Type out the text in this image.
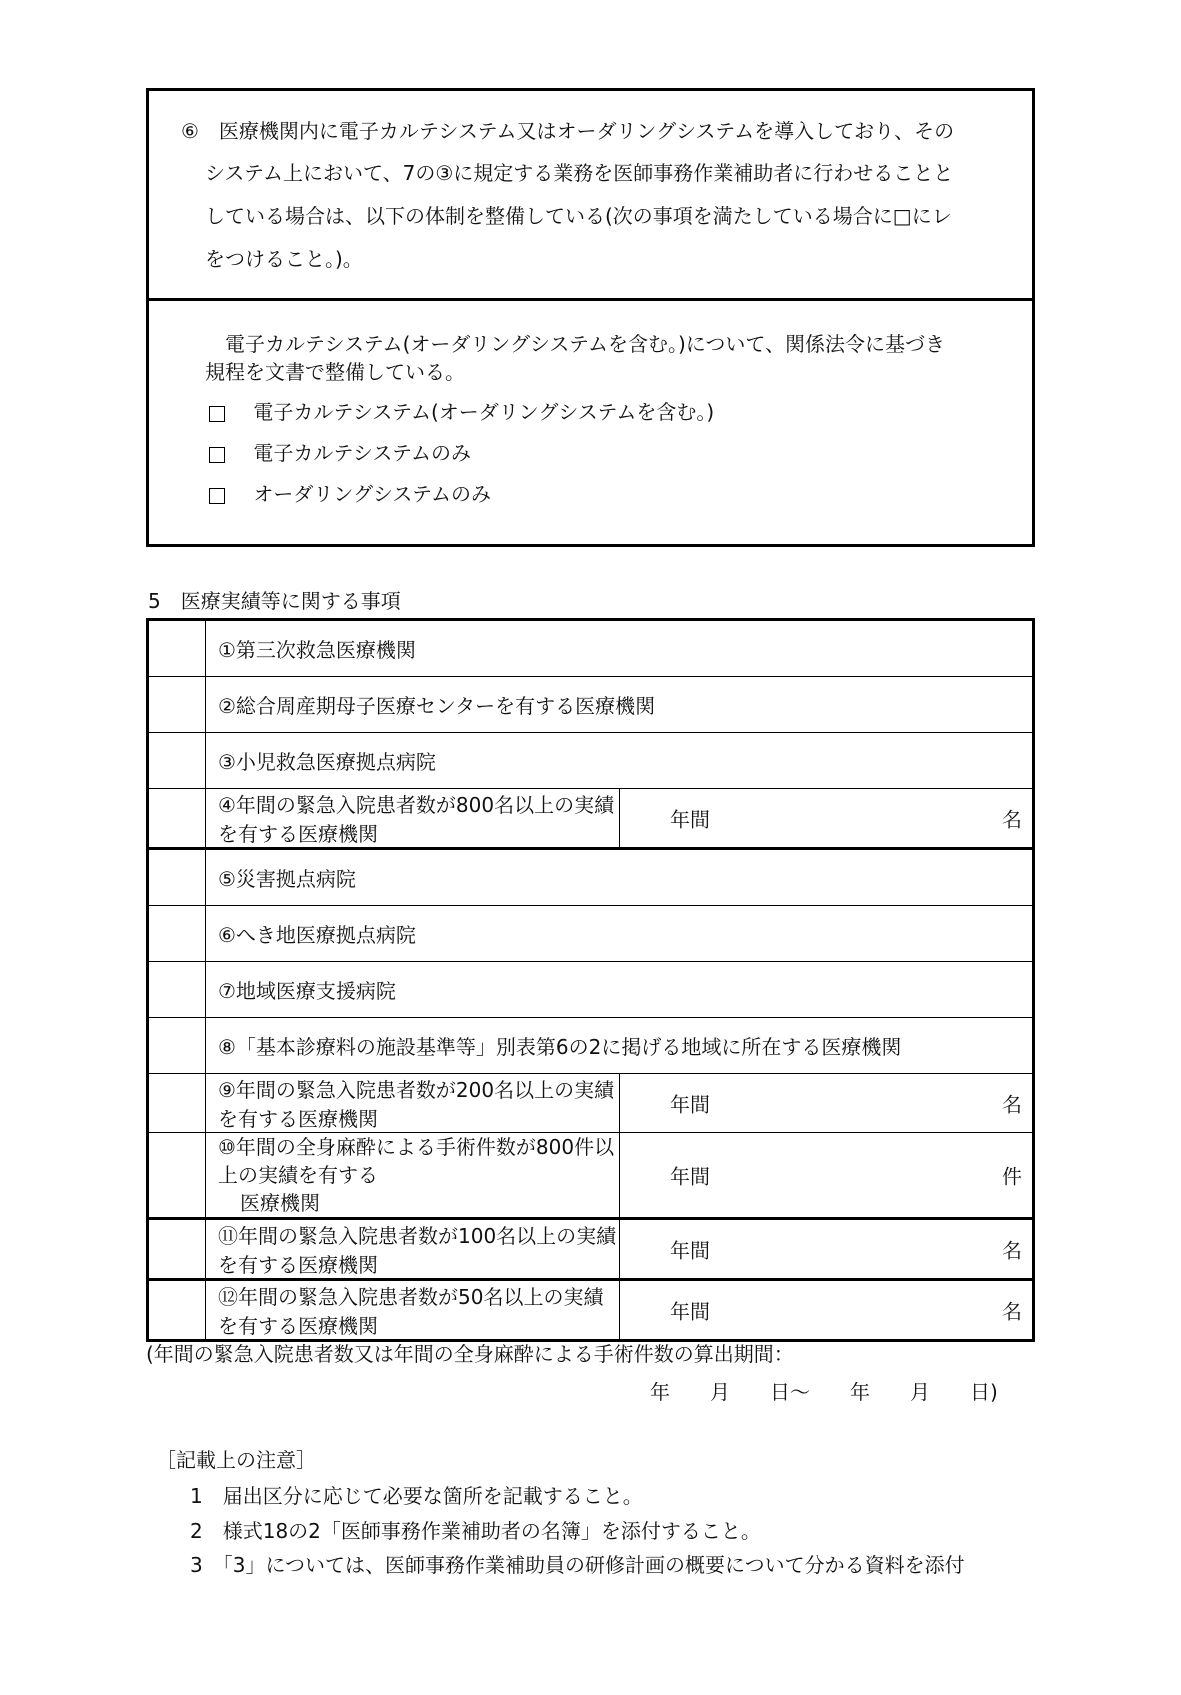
⑥　医療機関内に電子カルテシステム又はオーダリングシステムを導入しており、その
システム上において、7の③に規定する業務を医師事務作業補助者に行わせることと
している場合は、以下の体制を整備している(次の事項を満たしている場合に□にレ
をつけること。)。
電子カルテシステム(オーダリングシステムを含む。)について、関係法令に基づき
規程を文書で整備している。
電子カルテシステム(オーダリングシステムを含む。)
電子カルテシステムのみ
オーダリングシステムのみ
5　医療実績等に関する事項
	①第三次救急医療機関	
	②総合周産期母子医療センターを有する医療機関	
	③小児救急医療拠点病院	
	④年間の緊急入院患者数が800名以上の実績を有する医療機関	年間 名

	⑤災害拠点病院	
	⑥へき地医療拠点病院	
	⑦地域医療支援病院	
	⑧「基本診療料の施設基準等」別表第6の2に掲げる地域に所在する医療機関	
	⑨年間の緊急入院患者数が200名以上の実績を有する医療機関	年間 名

	⑩年間の全身麻酔による手術件数が800件以上の実績を有する
医療機関	年間 件

	⑪年間の緊急入院患者数が100名以上の実績を有する医療機関	年間 名

	⑫年間の緊急入院患者数が50名以上の実績を有する医療機関	年間 名
(年間の緊急入院患者数又は年間の全身麻酔による手術件数の算出期間：
年　　月　　日～　　年　　月　　日)
［記載上の注意］
1　届出区分に応じて必要な箇所を記載すること。
2　様式18の2「医師事務作業補助者の名簿」を添付すること。
3　「3」については、医師事務作業補助員の研修計画の概要について分かる資料を添付
